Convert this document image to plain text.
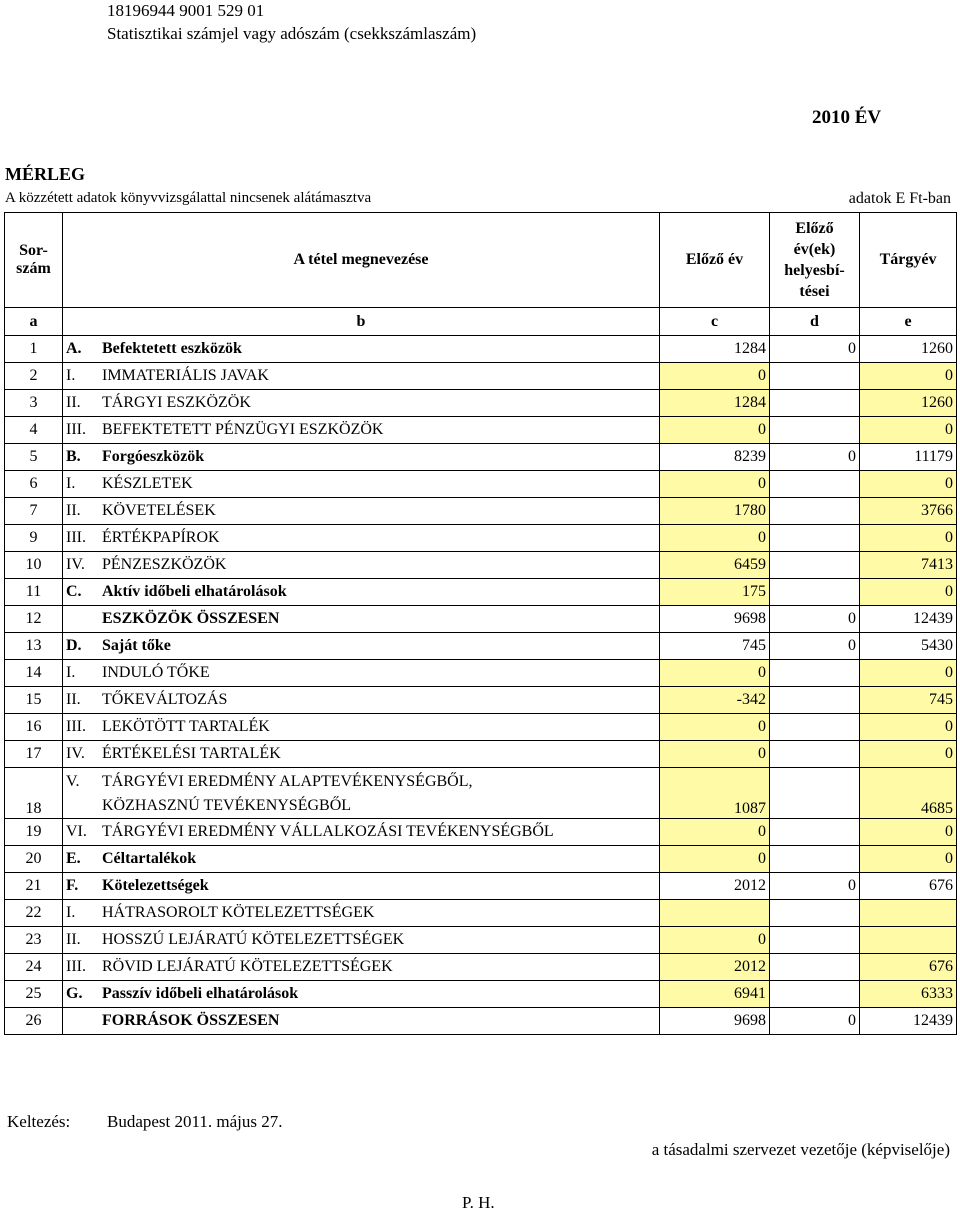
18196944 9001 529 01
Statisztikai számjel vagy adószám (csekkszámlaszám)
2010 ÉV
MÉRLEG
A közzétett adatok könyvvizsgálattal nincsenek alátámasztva	adatok E Ft-ban
Sor-
szám	A tétel megnevezése	Előző év	Előző
év(ek)
helyesbí-
tései	Tárgyév
a	b	c	d	e
1	A. Befektetett eszközök	1284	0	1260
2	I. IMMATERIÁLIS JAVAK	0		0
3	II. TÁRGYI ESZKÖZÖK	1284		1260
4	III. BEFEKTETETT PÉNZÜGYI ESZKÖZÖK	0		0
5	B. Forgóeszközök	8239	0	11179
6	I. KÉSZLETEK	0		0
7	II. KÖVETELÉSEK	1780		3766
9	III. ÉRTÉKPAPÍROK	0		0
10	IV. PÉNZESZKÖZÖK	6459		7413
11	C. Aktív időbeli elhatárolások	175		0
12	ESZKÖZÖK ÖSSZESEN	9698	0	12439
13	D. Saját tőke	745	0	5430
14	I. INDULÓ TŐKE	0		0
15	II. TŐKEVÁLTOZÁS	-342		745
16	III. LEKÖTÖTT TARTALÉK	0		0
17	IV. ÉRTÉKELÉSI TARTALÉK	0		0
18	V. TÁRGYÉVI EREDMÉNY ALAPTEVÉKENYSÉGBŐL,
KÖZHASZNÚ TEVÉKENYSÉGBŐL	1087		4685
19	VI. TÁRGYÉVI EREDMÉNY VÁLLALKOZÁSI TEVÉKENYSÉGBŐL	0		0
20	E. Céltartalékok	0		0
21	F. Kötelezettségek	2012	0	676
22	I. HÁTRASOROLT KÖTELEZETTSÉGEK			
23	II. HOSSZÚ LEJÁRATÚ KÖTELEZETTSÉGEK	0		
24	III. RÖVID LEJÁRATÚ KÖTELEZETTSÉGEK	2012		676
25	G. Passzív időbeli elhatárolások	6941		6333
26	FORRÁSOK ÖSSZESEN	9698	0	12439
Keltezés: Budapest 2011. május 27.
a tásadalmi szervezet vezetője (képviselője)
P. H.
